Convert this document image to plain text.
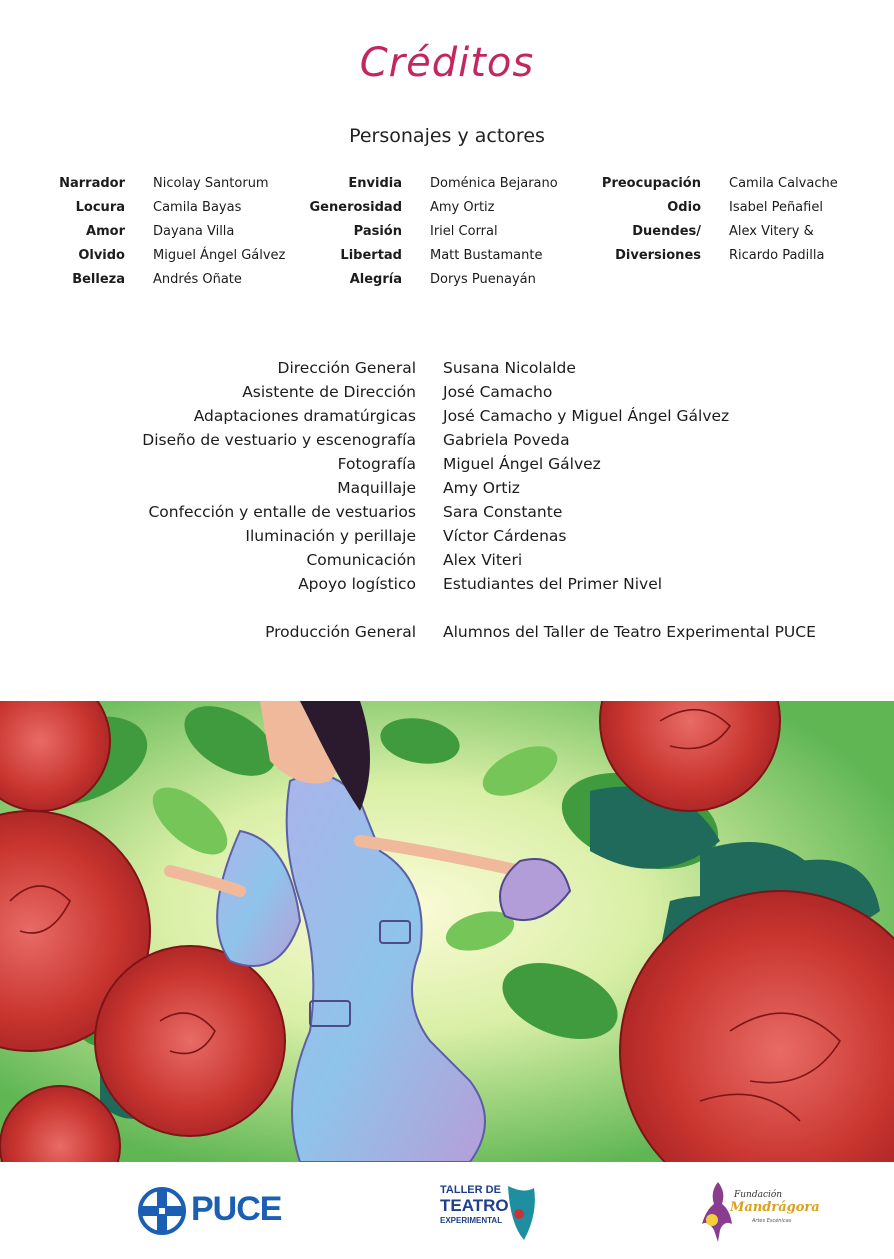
Créditos
Personajes y actores
Narrador Nicolay Santorum
Locura Camila Bayas
Amor Dayana Villa
Olvido Miguel Ángel Gálvez
Belleza Andrés Oñate
Envidia Doménica Bejarano
Generosidad Amy Ortiz
Pasión Iriel Corral
Libertad Matt Bustamante
Alegría Dorys Puenayán
Preocupación Camila Calvache
Odio Isabel Peñafiel
Duendes/ Alex Vitery &
Diversiones Ricardo Padilla
Dirección General Susana Nicolalde
Asistente de Dirección José Camacho
Adaptaciones dramatúrgicas José Camacho y Miguel Ángel Gálvez
Diseño de vestuario y escenografía Gabriela Poveda
Fotografía Miguel Ángel Gálvez
Maquillaje Amy Ortiz
Confección y entalle de vestuarios Sara Constante
Iluminación y perillaje Víctor Cárdenas
Comunicación Alex Viteri
Apoyo logístico Estudiantes del Primer Nivel
Producción General Alumnos del Taller de Teatro Experimental PUCE
PUCE	TALLER DE
TEATRO
EXPERIMENTAL
Fundación
Mandrágora
Artes Escénicas
